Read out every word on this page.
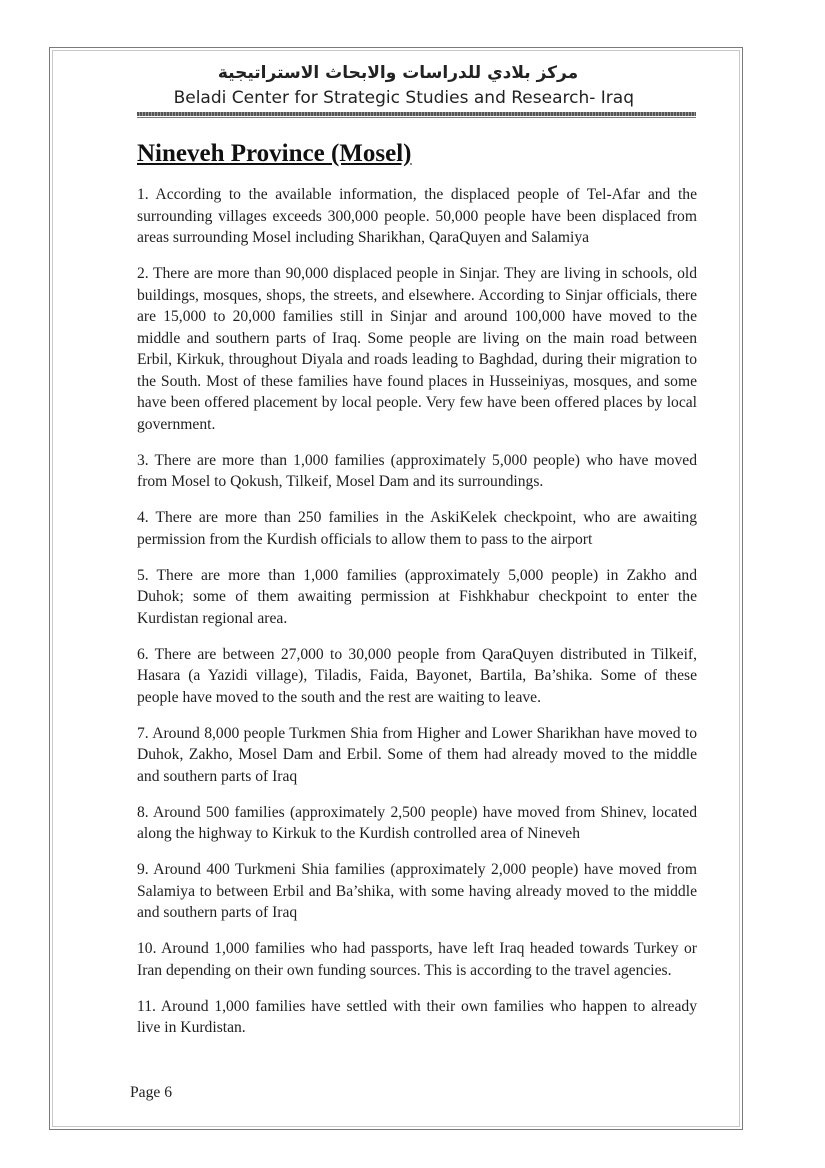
مركز بلادي للدراسات والابحاث الاستراتيجية
Beladi Center for Strategic Studies and Research- Iraq
Nineveh Province (Mosel)

1. According to the available information, the displaced people of Tel-Afar and the surrounding villages exceeds 300,000 people. 50,000 people have been displaced from areas surrounding Mosel including Sharikhan, QaraQuyen and Salamiya

2. There are more than 90,000 displaced people in Sinjar. They are living in schools, old buildings, mosques, shops, the streets, and elsewhere. According to Sinjar officials, there are 15,000 to 20,000 families still in Sinjar and around 100,000 have moved to the middle and southern parts of Iraq. Some people are living on the main road between Erbil, Kirkuk, throughout Diyala and roads leading to Baghdad, during their migration to the South. Most of these families have found places in Husseiniyas, mosques, and some have been offered placement by local people. Very few have been offered places by local government.

3. There are more than 1,000 families (approximately 5,000 people) who have moved from Mosel to Qokush, Tilkeif, Mosel Dam and its surroundings.

4. There are more than 250 families in the AskiKelek checkpoint, who are awaiting permission from the Kurdish officials to allow them to pass to the airport

5. There are more than 1,000 families (approximately 5,000 people) in Zakho and Duhok; some of them awaiting permission at Fishkhabur checkpoint to enter the Kurdistan regional area.

6. There are between 27,000 to 30,000 people from QaraQuyen distributed in Tilkeif, Hasara (a Yazidi village), Tiladis, Faida, Bayonet, Bartila, Ba’shika. Some of these people have moved to the south and the rest are waiting to leave.

7. Around 8,000 people Turkmen Shia from Higher and Lower Sharikhan have moved to Duhok, Zakho, Mosel Dam and Erbil. Some of them had already moved to the middle and southern parts of Iraq

8. Around 500 families (approximately 2,500 people) have moved from Shinev, located along the highway to Kirkuk to the Kurdish controlled area of Nineveh

9. Around 400 Turkmeni Shia families (approximately 2,000 people) have moved from Salamiya to between Erbil and Ba’shika, with some having already moved to the middle and southern parts of Iraq

10. Around 1,000 families who had passports, have left Iraq headed towards Turkey or Iran depending on their own funding sources. This is according to the travel agencies.

11. Around 1,000 families have settled with their own families who happen to already live in Kurdistan.

Page 6
